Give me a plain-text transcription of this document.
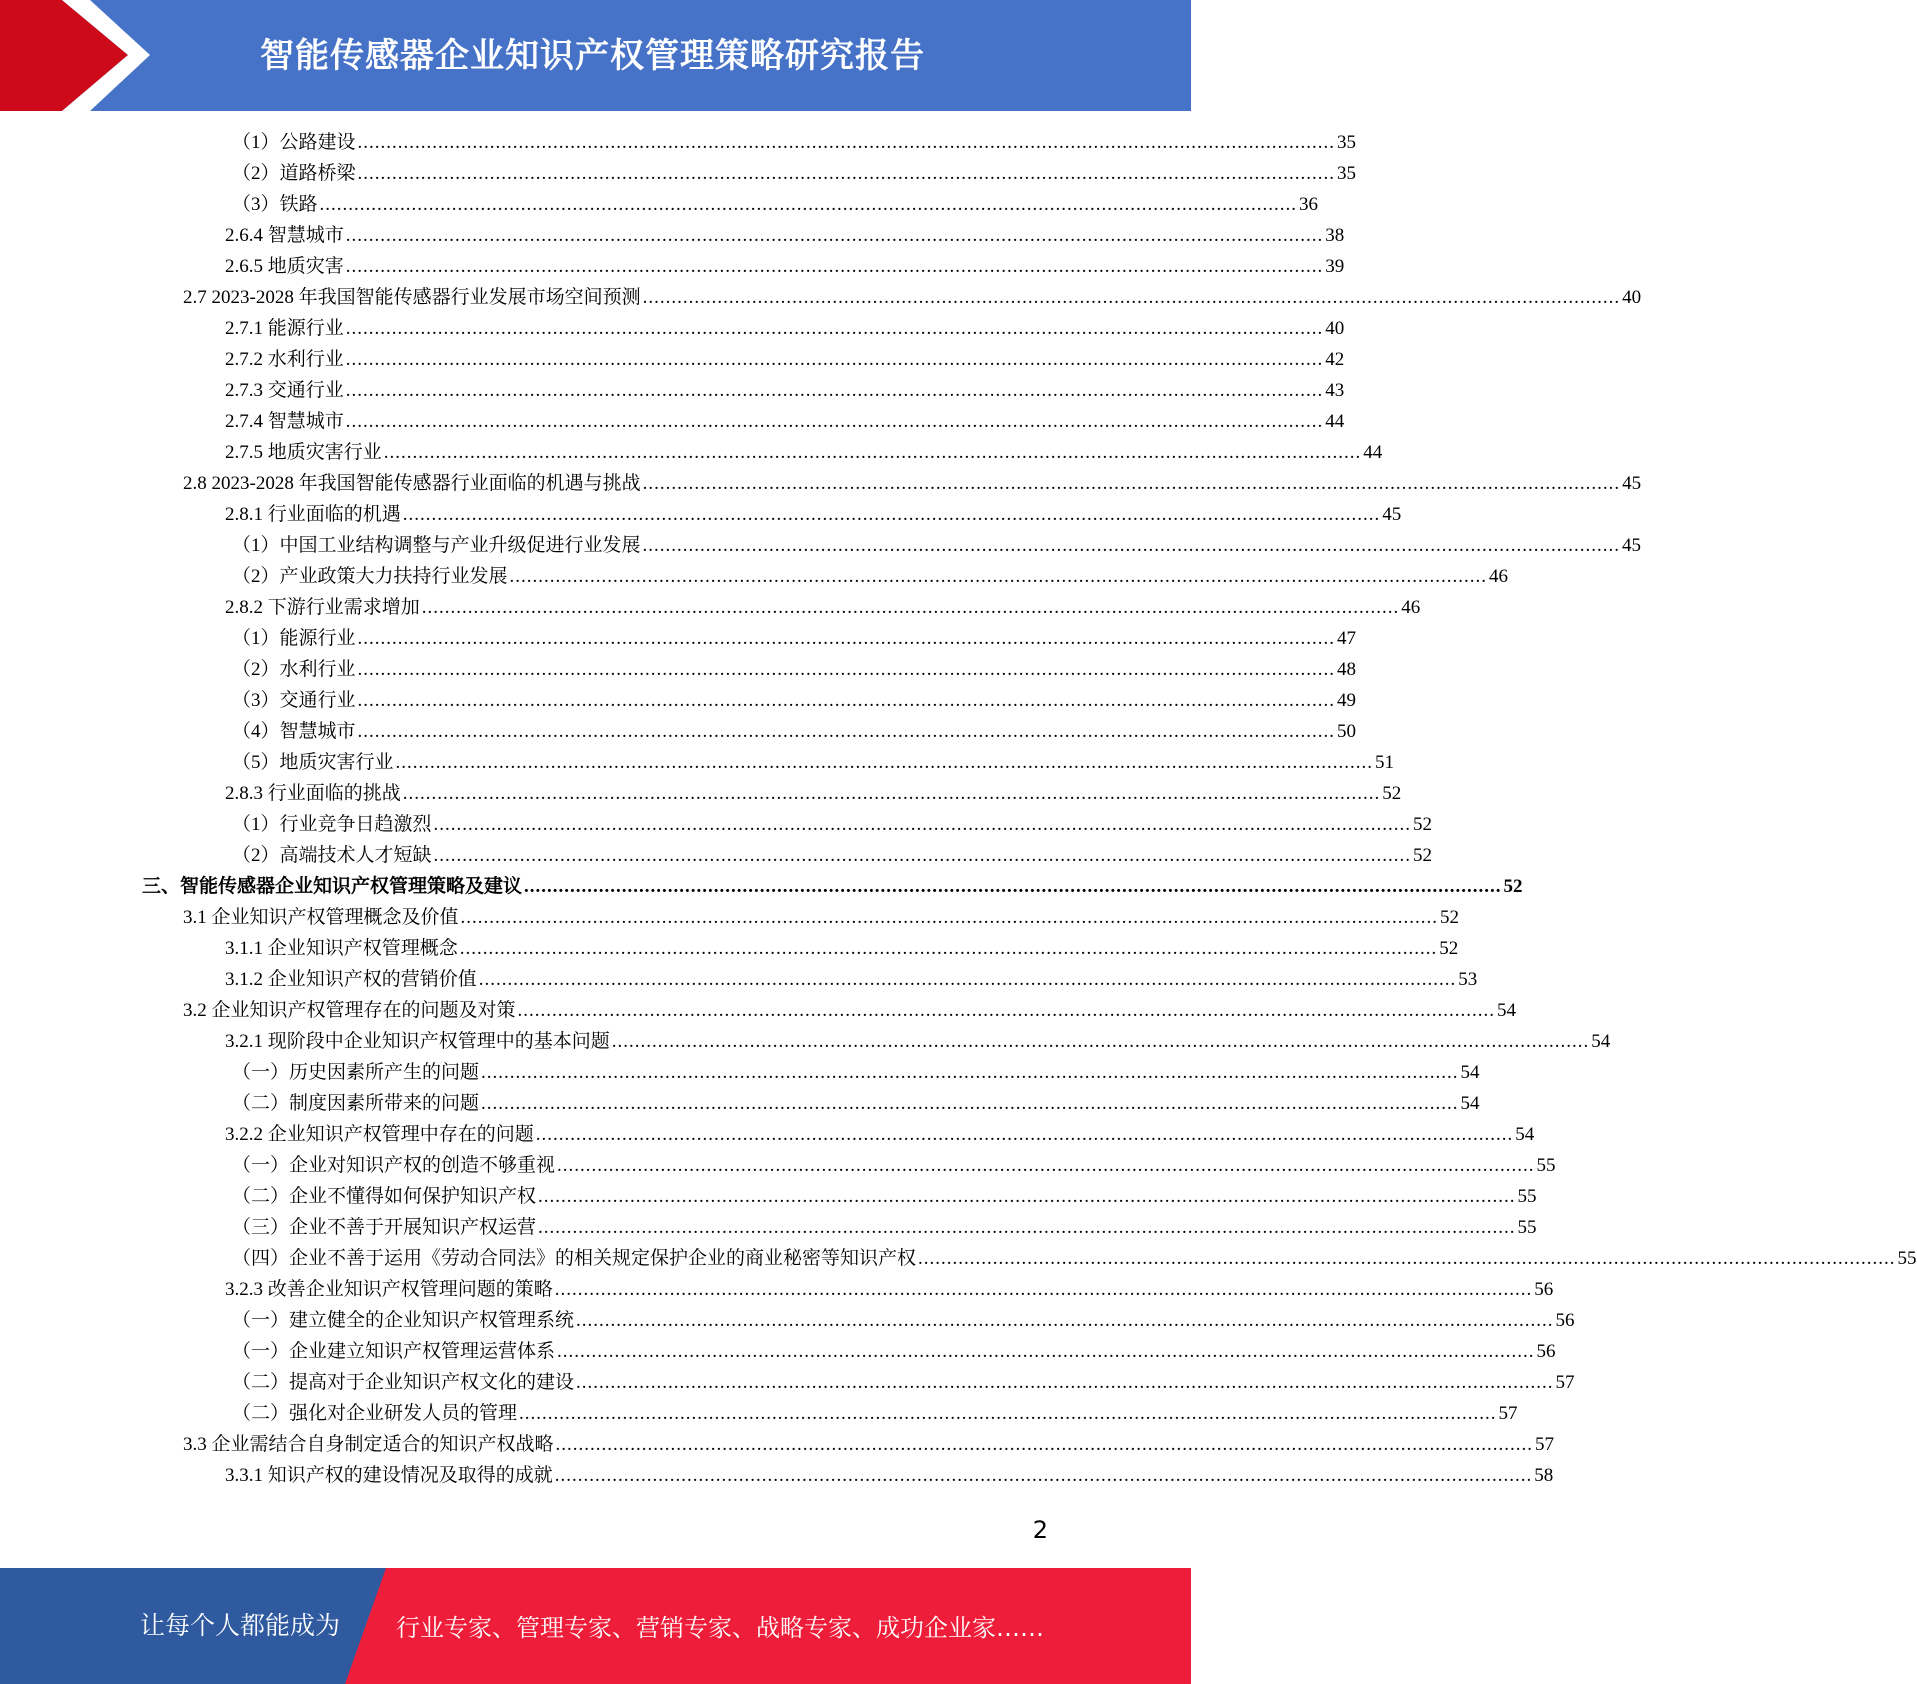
智能传感器企业知识产权管理策略研究报告
（1）公路建设 .......................................................................................................................................................................... 35
（2）道路桥梁 .......................................................................................................................................................................... 35
（3）铁路 .......................................................................................................................................................................... 36
2.6.4 智慧城市 .......................................................................................................................................................................... 38
2.6.5 地质灾害 .......................................................................................................................................................................... 39
2.7 2023-2028 年我国智能传感器行业发展市场空间预测 .......................................................................................................................................................................... 40
2.7.1 能源行业 .......................................................................................................................................................................... 40
2.7.2 水利行业 .......................................................................................................................................................................... 42
2.7.3 交通行业 .......................................................................................................................................................................... 43
2.7.4 智慧城市 .......................................................................................................................................................................... 44
2.7.5 地质灾害行业 .......................................................................................................................................................................... 44
2.8 2023-2028 年我国智能传感器行业面临的机遇与挑战 .......................................................................................................................................................................... 45
2.8.1 行业面临的机遇 .......................................................................................................................................................................... 45
（1）中国工业结构调整与产业升级促进行业发展 .......................................................................................................................................................................... 45
（2）产业政策大力扶持行业发展 .......................................................................................................................................................................... 46
2.8.2 下游行业需求增加 .......................................................................................................................................................................... 46
（1）能源行业 .......................................................................................................................................................................... 47
（2）水利行业 .......................................................................................................................................................................... 48
（3）交通行业 .......................................................................................................................................................................... 49
（4）智慧城市 .......................................................................................................................................................................... 50
（5）地质灾害行业 .......................................................................................................................................................................... 51
2.8.3 行业面临的挑战 .......................................................................................................................................................................... 52
（1）行业竞争日趋激烈 .......................................................................................................................................................................... 52
（2）高端技术人才短缺 .......................................................................................................................................................................... 52
三、智能传感器企业知识产权管理策略及建议 .......................................................................................................................................................................... 52
3.1 企业知识产权管理概念及价值 .......................................................................................................................................................................... 52
3.1.1 企业知识产权管理概念 .......................................................................................................................................................................... 52
3.1.2 企业知识产权的营销价值 .......................................................................................................................................................................... 53
3.2 企业知识产权管理存在的问题及对策 .......................................................................................................................................................................... 54
3.2.1 现阶段中企业知识产权管理中的基本问题 .......................................................................................................................................................................... 54
（一）历史因素所产生的问题 .......................................................................................................................................................................... 54
（二）制度因素所带来的问题 .......................................................................................................................................................................... 54
3.2.2 企业知识产权管理中存在的问题 .......................................................................................................................................................................... 54
（一）企业对知识产权的创造不够重视 .......................................................................................................................................................................... 55
（二）企业不懂得如何保护知识产权 .......................................................................................................................................................................... 55
（三）企业不善于开展知识产权运营 .......................................................................................................................................................................... 55
（四）企业不善于运用《劳动合同法》的相关规定保护企业的商业秘密等知识产权 .......................................................................................................................................................................... 55
3.2.3 改善企业知识产权管理问题的策略 .......................................................................................................................................................................... 56
（一）建立健全的企业知识产权管理系统 .......................................................................................................................................................................... 56
（一）企业建立知识产权管理运营体系 .......................................................................................................................................................................... 56
（二）提高对于企业知识产权文化的建设 .......................................................................................................................................................................... 57
（二）强化对企业研发人员的管理 .......................................................................................................................................................................... 57
3.3 企业需结合自身制定适合的知识产权战略 .......................................................................................................................................................................... 57
3.3.1 知识产权的建设情况及取得的成就 .......................................................................................................................................................................... 58
2
让每个人都能成为	行业专家、管理专家、营销专家、战略专家、成功企业家……
